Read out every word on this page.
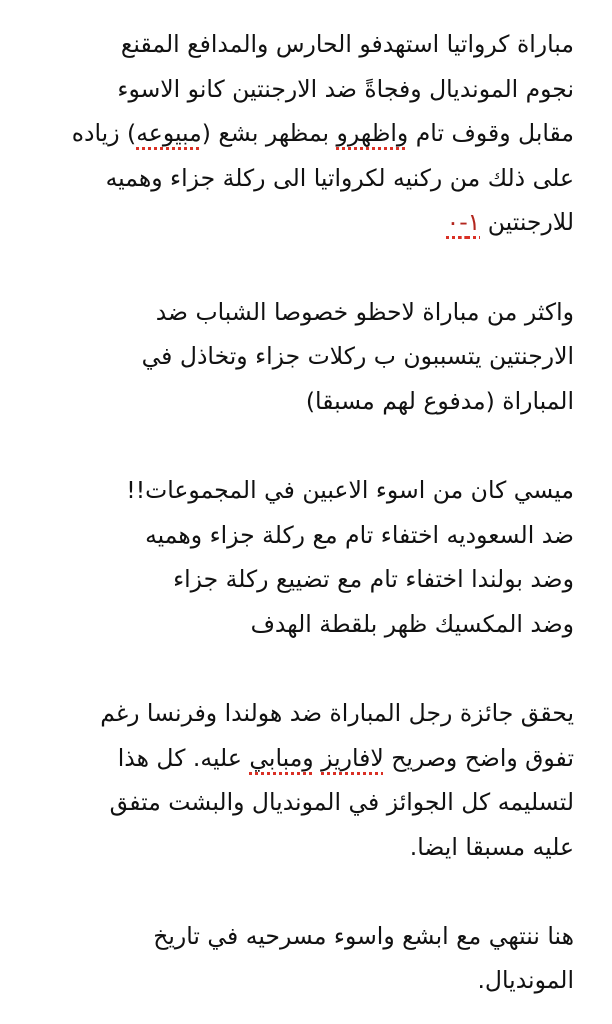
مباراة كرواتيا استهدفو الحارس والمدافع المقنع
نجوم المونديال وفجاةً ضد الارجنتين كانو الاسوء
مقابل وقوف تام واظهرو بمظهر بشع (مبيوعه) زياده
على ذلك من ركنيه لكرواتيا الى ركلة جزاء وهميه
للارجنتين ١-٠
واكثر من مباراة لاحظو خصوصا الشباب ضد
الارجنتين يتسببون ب ركلات جزاء وتخاذل في
المباراة (مدفوع لهم مسبقا)
ميسي كان من اسوء الاعبين في المجموعات!!
ضد السعوديه اختفاء تام مع ركلة جزاء وهميه
وضد بولندا اختفاء تام مع تضييع ركلة جزاء
وضد المكسيك ظهر بلقطة الهدف
يحقق جائزة رجل المباراة ضد هولندا وفرنسا رغم
تفوق واضح وصريح لافاريز ومبابي عليه. كل هذا
لتسليمه كل الجوائز في المونديال والبشت متفق
عليه مسبقا ايضا.
هنا ننتهي مع ابشع واسوء مسرحيه في تاريخ
المونديال.
